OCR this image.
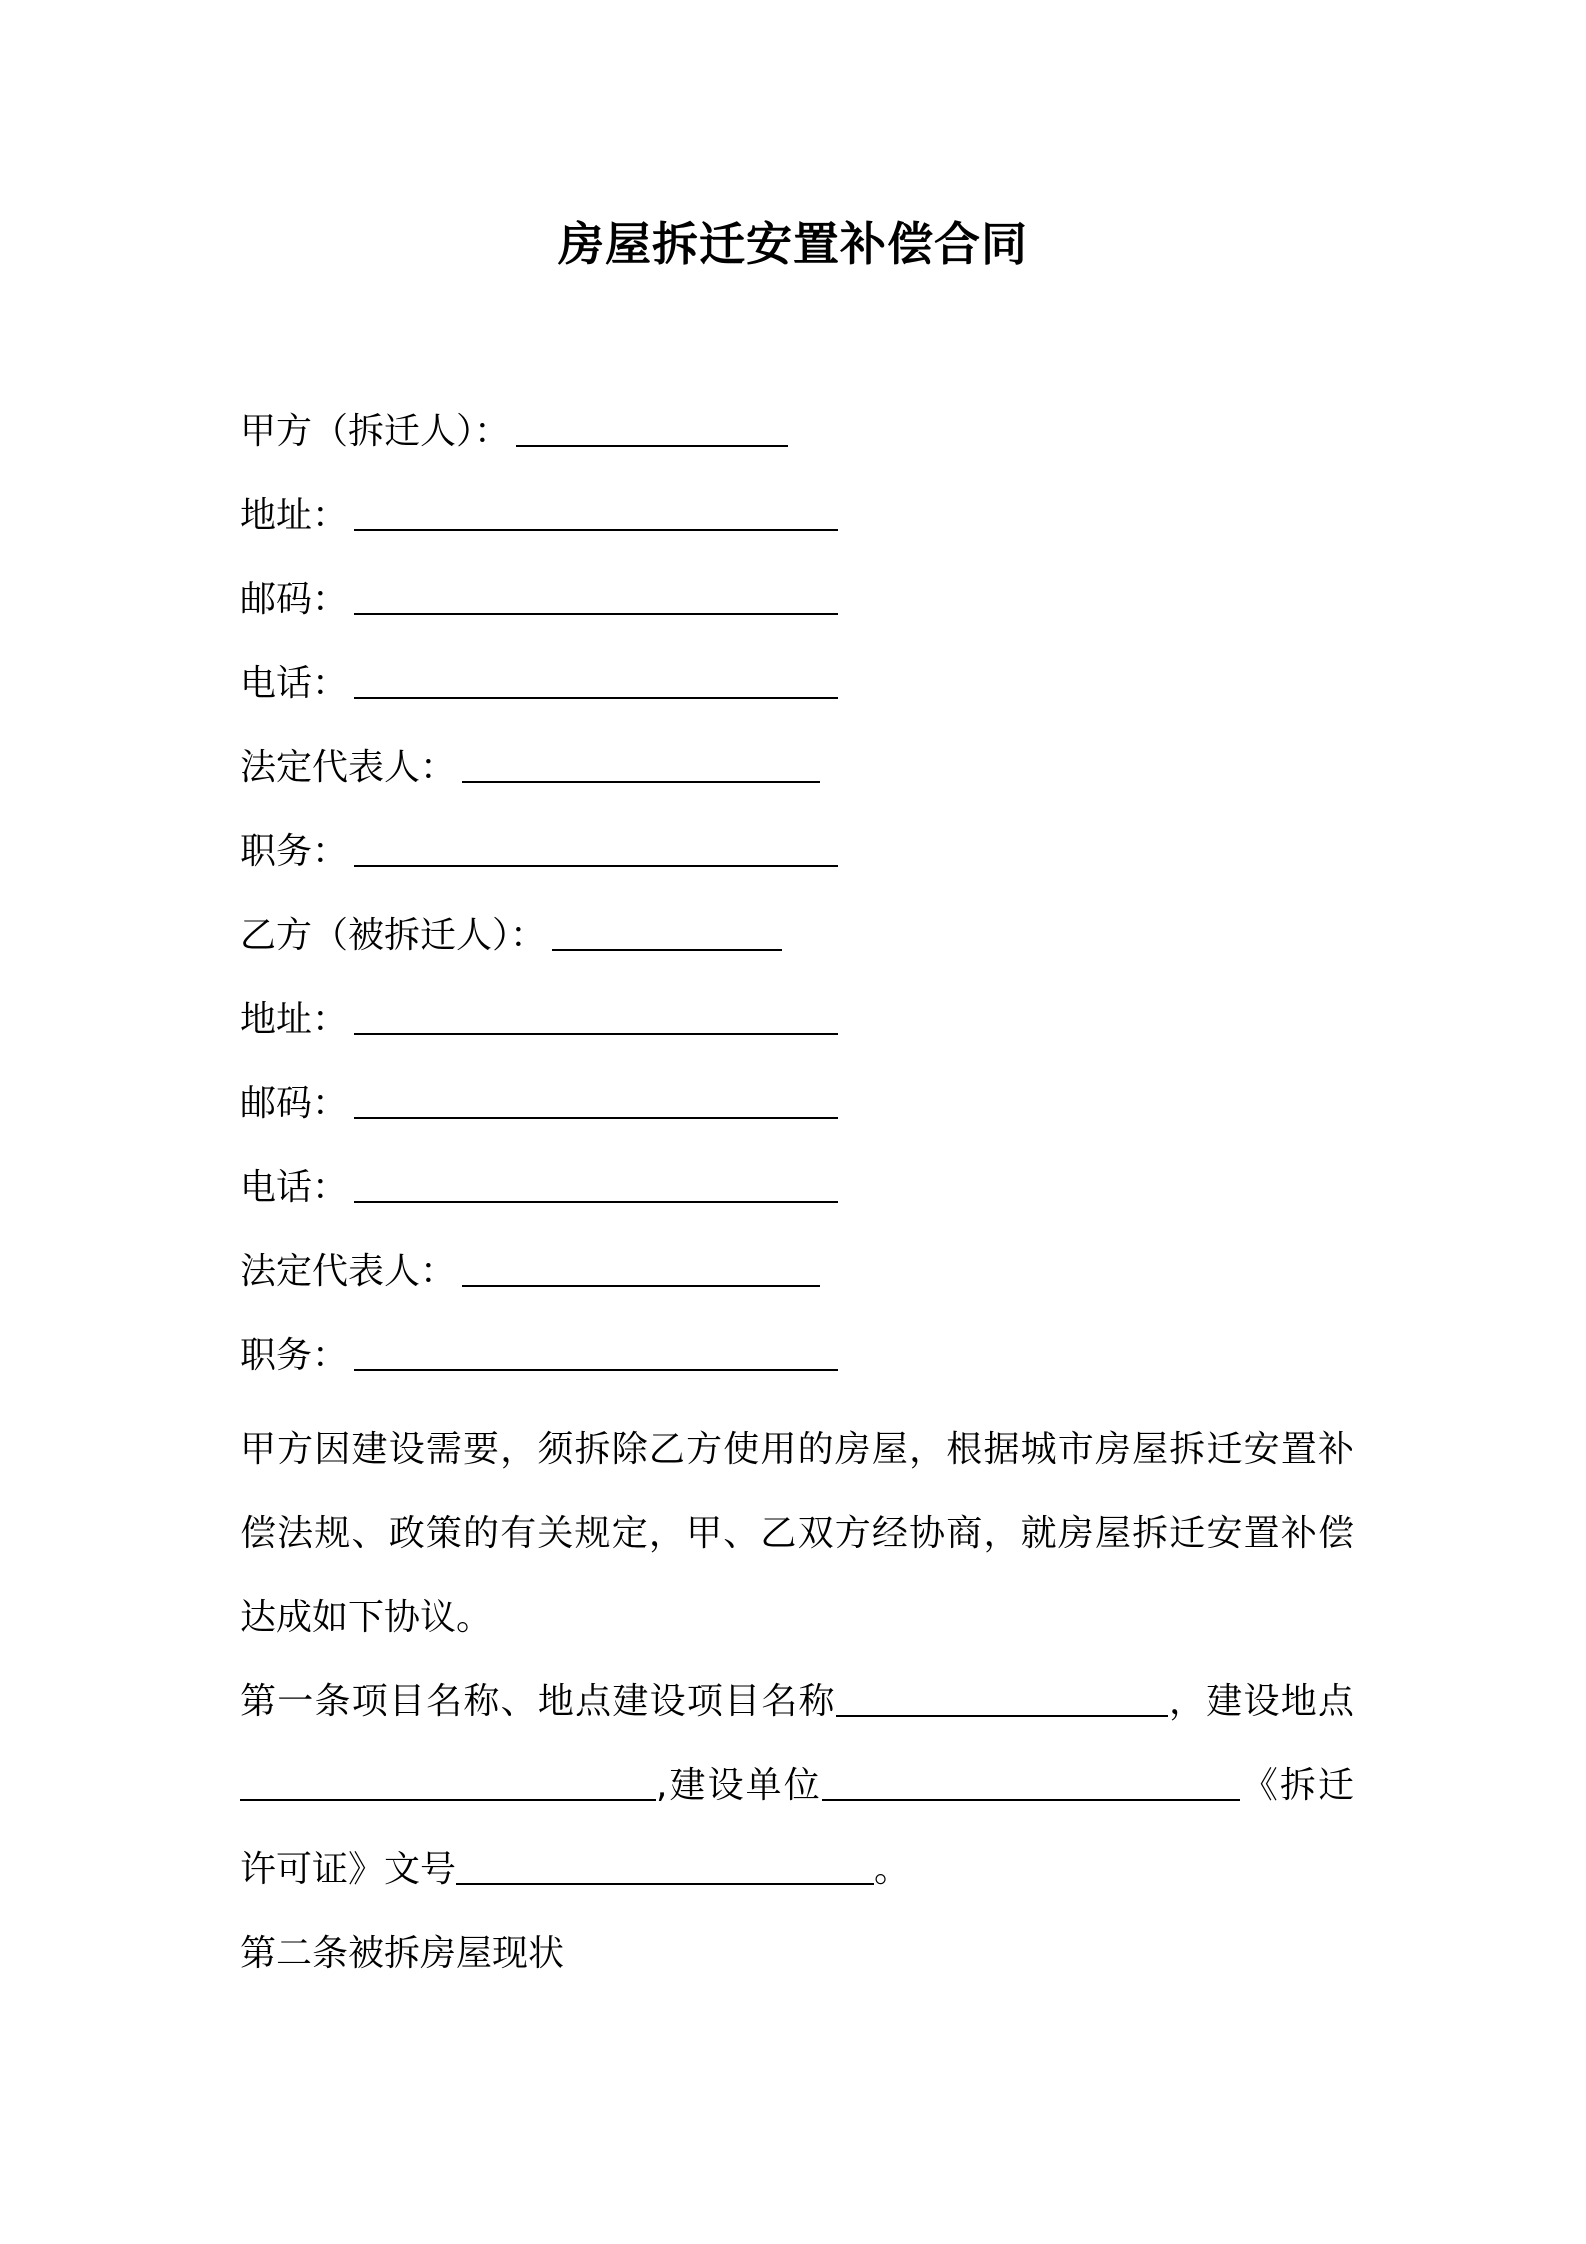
房屋拆迁安置补偿合同
甲方（拆迁人）：
地址：
邮码：
电话：
法定代表人：
职务：
乙方（被拆迁人）：
地址：
邮码：
电话：
法定代表人：
职务：

甲方因建设需要，须拆除乙方使用的房屋，根据城市房屋拆迁安置补偿法规、政策的有关规定，甲、乙双方经协商，就房屋拆迁安置补偿达成如下协议。

第一条项目名称、地点建设项目名称	，建设地点,建设单位	《拆迁许可证》文号	。

第二条被拆房屋现状
